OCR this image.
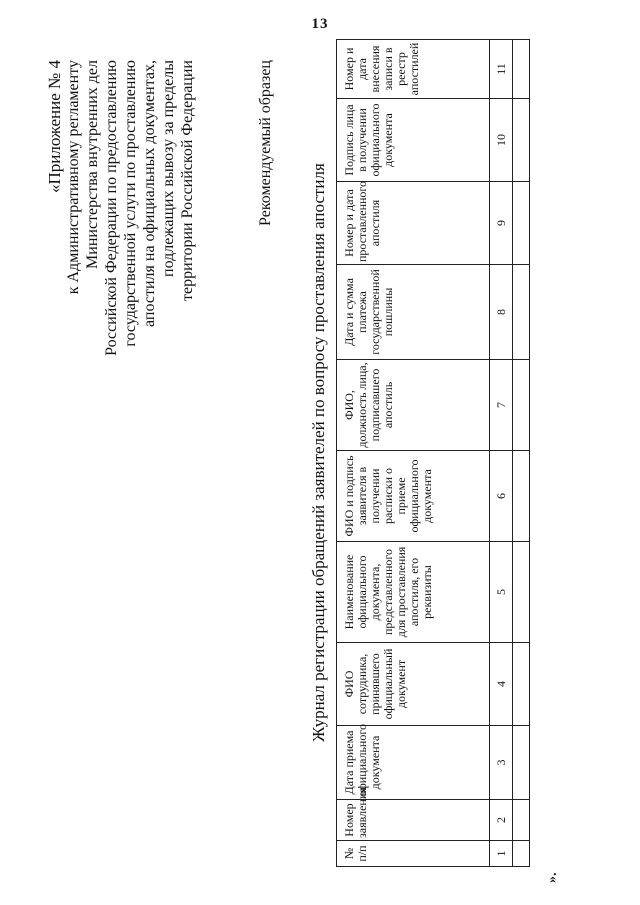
13
«Приложение № 4 к Административному регламенту Министерства внутренних дел Российской Федерации по предоставлению государственной услуги по проставлению апостиля на официальных документах, подлежащих вывозу за пределы территории Российской Федерации	Рекомендуемый образец
Журнал регистрации обращений заявителей по вопросу проставления апостиля
№ п/п	Номер заявления	Дата приема официального документа	ФИО сотрудника, принявшего официальный документ	Наименование официального документа, представленного для проставления апостиля, его реквизиты	ФИО и подпись заявителя в получении расписки о приеме официального документа	ФИО, должность лица, подписавшего апостиль	Дата и сумма платежа государственной пошлины	Номер и дата проставленного апостиля	Подпись лица в получении официального документа	Номер и дата внесения записи в реестр апостилей
1	2	3	4	5	6	7	8	9	10	11

».
